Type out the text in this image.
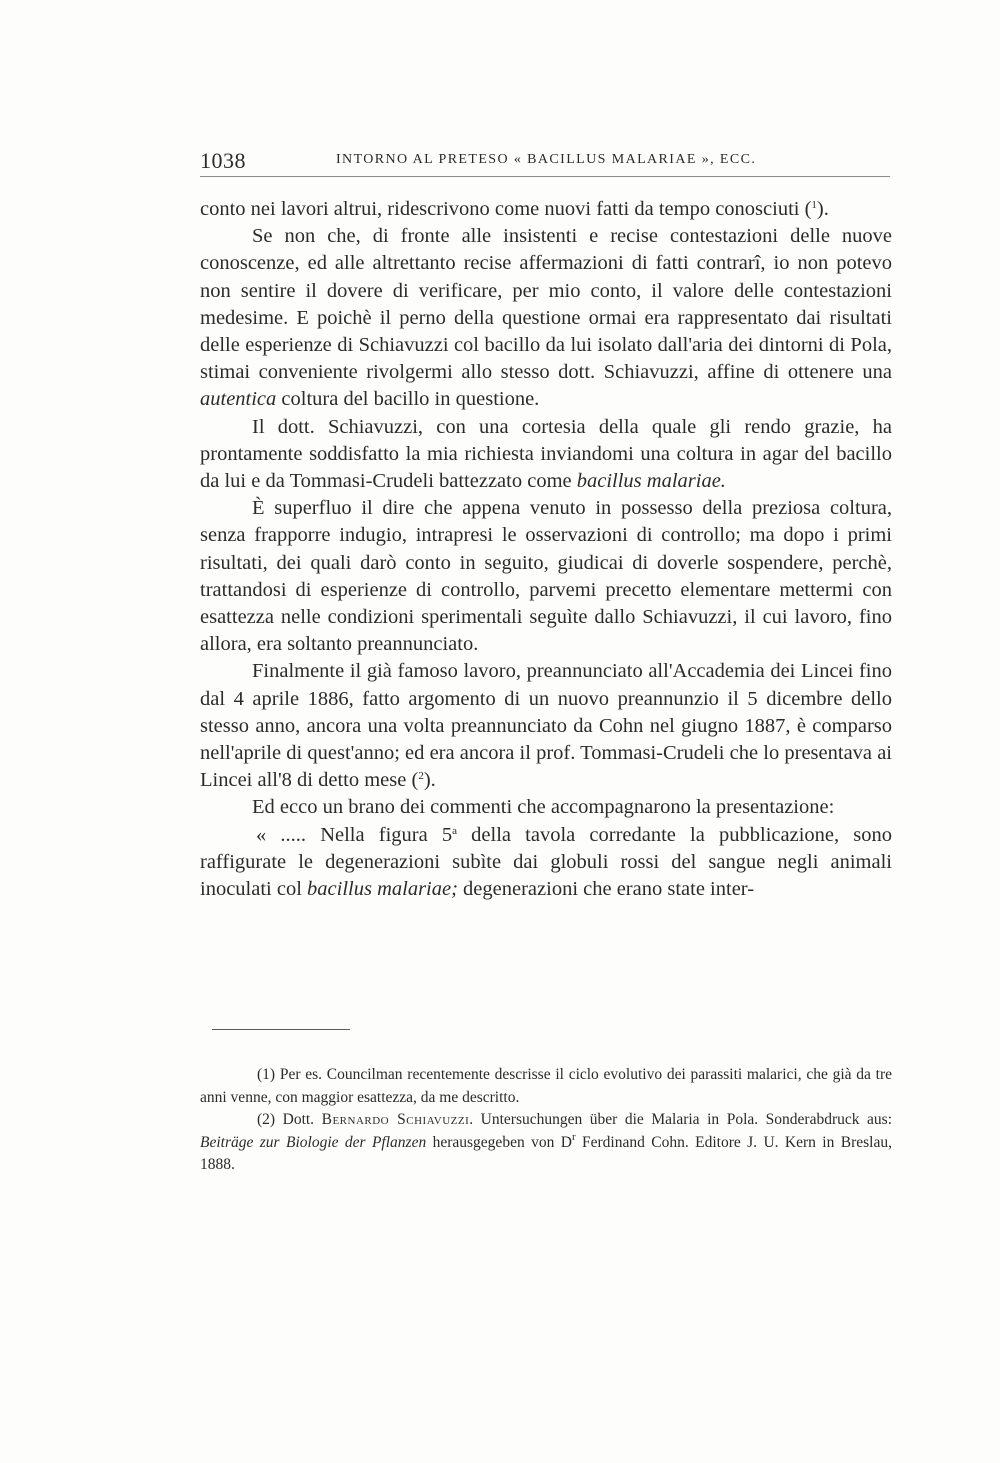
1038	INTORNO AL PRETESO « BACILLUS MALARIAE », ECC.

conto nei lavori altrui, ridescrivono come nuovi fatti da tempo conosciuti ($^1$).

Se non che, di fronte alle insistenti e recise contestazioni delle nuove conoscenze, ed alle altrettanto recise affermazioni di fatti contrarî, io non potevo non sentire il dovere di verificare, per mio conto, il valore delle contestazioni medesime. E poichè il perno della questione ormai era rappresentato dai risultati delle esperienze di Schiavuzzi col bacillo da lui isolato dall'aria dei dintorni di Pola, stimai conveniente rivolgermi allo stesso dott. Schiavuzzi, affine di ottenere una autentica coltura del bacillo in questione.

Il dott. Schiavuzzi, con una cortesia della quale gli rendo grazie, ha prontamente soddisfatto la mia richiesta inviandomi una coltura in agar del bacillo da lui e da Tommasi-Crudeli battezzato come bacillus malariae.

È superfluo il dire che appena venuto in possesso della preziosa coltura, senza frapporre indugio, intrapresi le osservazioni di controllo; ma dopo i primi risultati, dei quali darò conto in seguito, giudicai di doverle sospendere, perchè, trattandosi di esperienze di controllo, parvemi precetto elementare mettermi con esattezza nelle condizioni sperimentali seguìte dallo Schiavuzzi, il cui lavoro, fino allora, era soltanto preannunciato.

Finalmente il già famoso lavoro, preannunciato all'Accademia dei Lincei fino dal 4 aprile 1886, fatto argomento di un nuovo preannunzio il 5 dicembre dello stesso anno, ancora una volta preannunciato da Cohn nel giugno 1887, è comparso nell'aprile di quest'anno; ed era ancora il prof. Tommasi-Crudeli che lo presentava ai Lincei all'8 di detto mese ($^2$).

Ed ecco un brano dei commenti che accompagnarono la presentazione:

« ..... Nella figura 5$^a$ della tavola corredante la pubblicazione, sono raffigurate le degenerazioni subìte dai globuli rossi del sangue negli animali inoculati col bacillus malariae; degenerazioni che erano state inter-

(1) Per es. Councilman recentemente descrisse il ciclo evolutivo dei parassiti malarici, che già da tre anni venne, con maggior esattezza, da me descritto.

(2) Dott. Bernardo Schiavuzzi. Untersuchungen über die Malaria in Pola. Sonderabdruck aus: Beiträge zur Biologie der Pflanzen herausgegeben von $D^r$ Ferdinand Cohn. Editore J. U. Kern in Breslau, 1888.
